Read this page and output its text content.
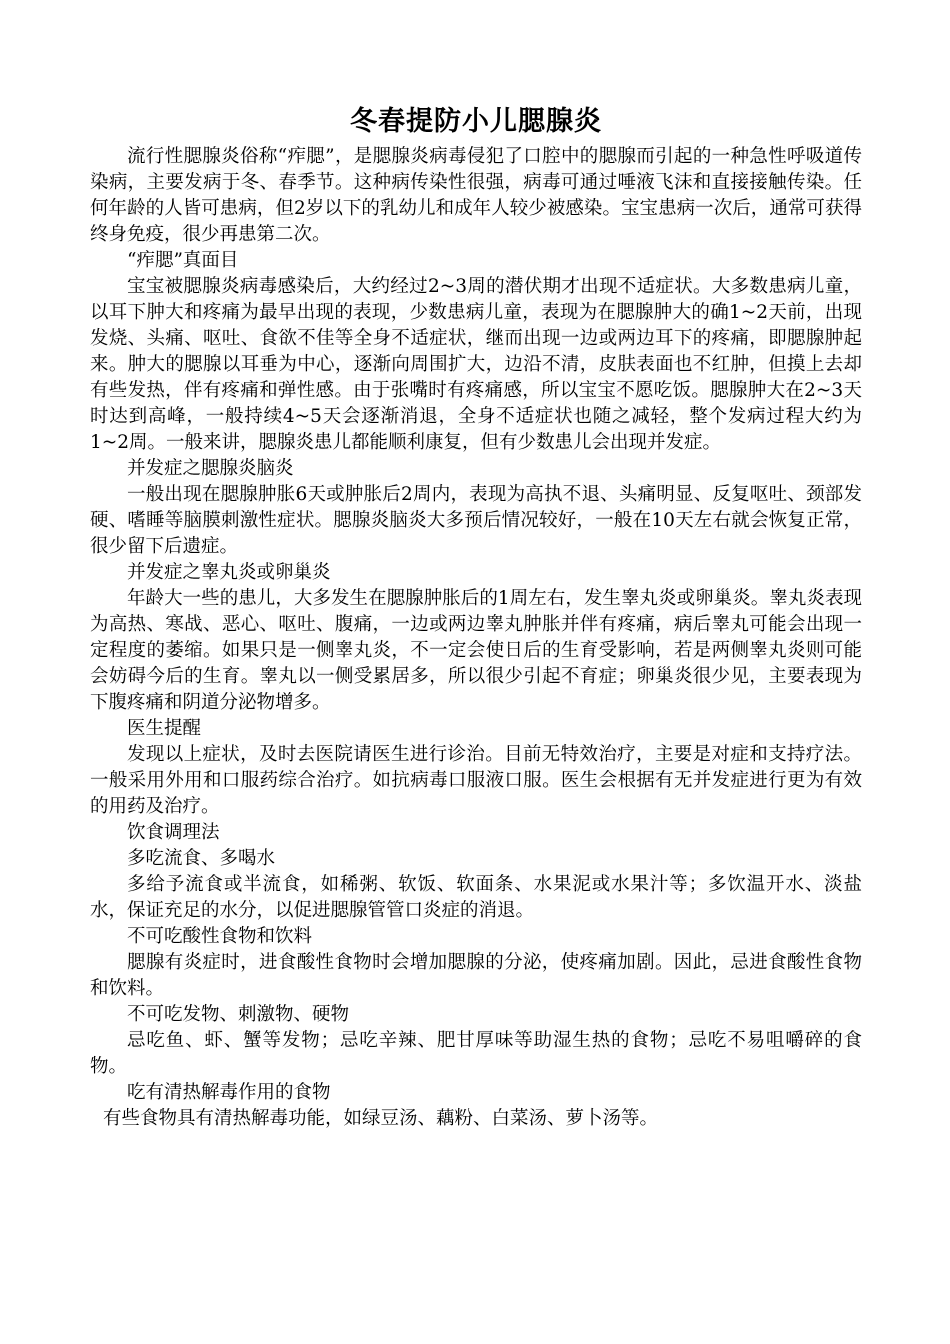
冬春提防小儿腮腺炎

流行性腮腺炎俗称“痄腮”，是腮腺炎病毒侵犯了口腔中的腮腺而引起的一种急性呼吸道传染病，主要发病于冬、春季节。这种病传染性很强，病毒可通过唾液飞沫和直接接触传染。任何年龄的人皆可患病，但2岁以下的乳幼儿和成年人较少被感染。宝宝患病一次后，通常可获得终身免疫，很少再患第二次。

“痄腮”真面目

宝宝被腮腺炎病毒感染后，大约经过2~3周的潜伏期才出现不适症状。大多数患病儿童，以耳下肿大和疼痛为最早出现的表现，少数患病儿童，表现为在腮腺肿大的确1~2天前，出现发烧、头痛、呕吐、食欲不佳等全身不适症状，继而出现一边或两边耳下的疼痛，即腮腺肿起来。肿大的腮腺以耳垂为中心，逐渐向周围扩大，边沿不清，皮肤表面也不红肿，但摸上去却有些发热，伴有疼痛和弹性感。由于张嘴时有疼痛感，所以宝宝不愿吃饭。腮腺肿大在2~3天时达到高峰，一般持续4~5天会逐渐消退，全身不适症状也随之减轻，整个发病过程大约为1~2周。一般来讲，腮腺炎患儿都能顺利康复，但有少数患儿会出现并发症。

并发症之腮腺炎脑炎

一般出现在腮腺肿胀6天或肿胀后2周内，表现为高执不退、头痛明显、反复呕吐、颈部发硬、嗜睡等脑膜刺激性症状。腮腺炎脑炎大多预后情况较好，一般在10天左右就会恢复正常，很少留下后遗症。

并发症之睾丸炎或卵巢炎

年龄大一些的患儿，大多发生在腮腺肿胀后的1周左右，发生睾丸炎或卵巢炎。睾丸炎表现为高热、寒战、恶心、呕吐、腹痛，一边或两边睾丸肿胀并伴有疼痛，病后睾丸可能会出现一定程度的萎缩。如果只是一侧睾丸炎，不一定会使日后的生育受影响，若是两侧睾丸炎则可能会妨碍今后的生育。睾丸以一侧受累居多，所以很少引起不育症；卵巢炎很少见，主要表现为下腹疼痛和阴道分泌物增多。

医生提醒

发现以上症状，及时去医院请医生进行诊治。目前无特效治疗，主要是对症和支持疗法。一般采用外用和口服药综合治疗。如抗病毒口服液口服。医生会根据有无并发症进行更为有效的用药及治疗。

饮食调理法

多吃流食、多喝水

多给予流食或半流食，如稀粥、软饭、软面条、水果泥或水果汁等；多饮温开水、淡盐水，保证充足的水分，以促进腮腺管管口炎症的消退。

不可吃酸性食物和饮料

腮腺有炎症时，进食酸性食物时会增加腮腺的分泌，使疼痛加剧。因此，忌进食酸性食物和饮料。

不可吃发物、刺激物、硬物

忌吃鱼、虾、蟹等发物；忌吃辛辣、肥甘厚味等助湿生热的食物；忌吃不易咀嚼碎的食物。

吃有清热解毒作用的食物

有些食物具有清热解毒功能，如绿豆汤、藕粉、白菜汤、萝卜汤等。
